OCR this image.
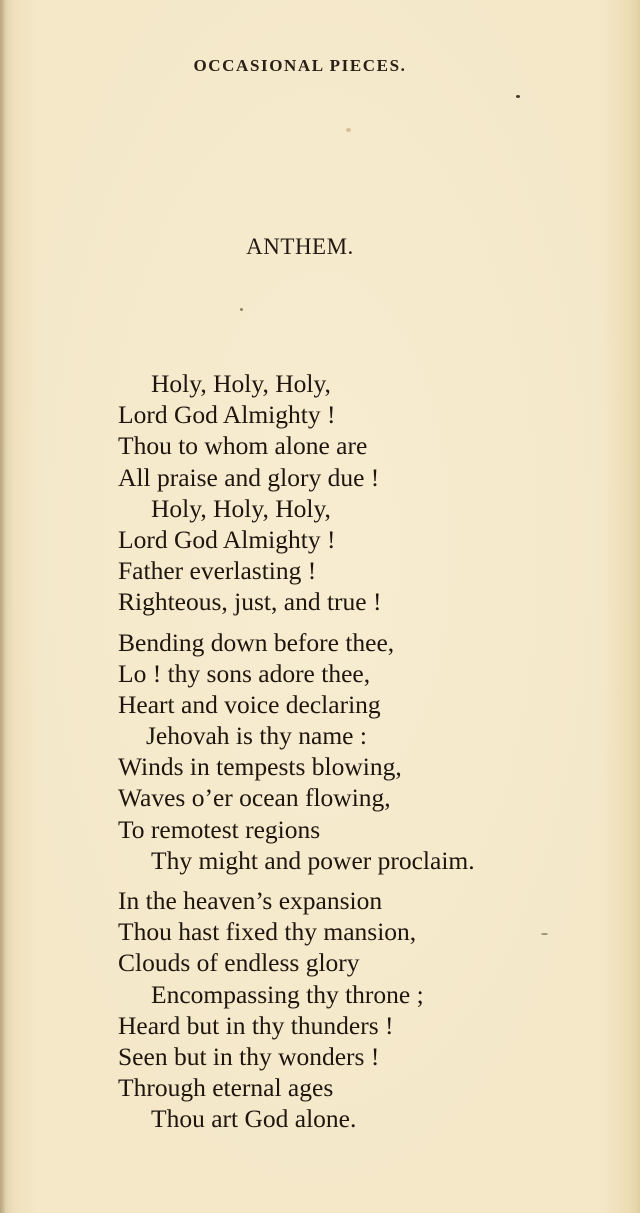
OCCASIONAL PIECES.
ANTHEM.
Holy, Holy, Holy,
Lord God Almighty !
Thou to whom alone are
All praise and glory due !
Holy, Holy, Holy,
Lord God Almighty !
Father everlasting !
Righteous, just, and true !
Bending down before thee,
Lo ! thy sons adore thee,
Heart and voice declaring
Jehovah is thy name :
Winds in tempests blowing,
Waves o’er ocean flowing,
To remotest regions
Thy might and power proclaim.
In the heaven’s expansion
Thou hast fixed thy mansion,
Clouds of endless glory
Encompassing thy throne ;
Heard but in thy thunders !
Seen but in thy wonders !
Through eternal ages
Thou art God alone.
